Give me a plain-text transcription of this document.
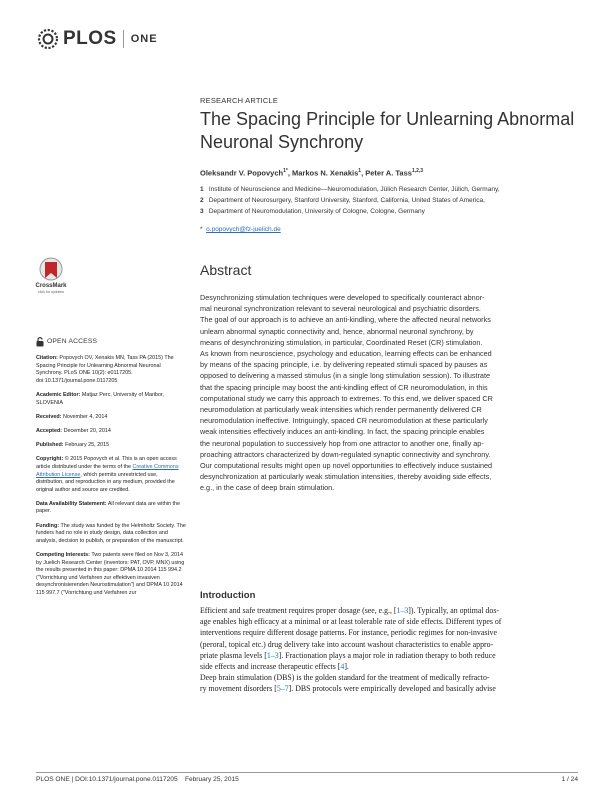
PLOS ONE
RESEARCH ARTICLE
The Spacing Principle for Unlearning Abnormal Neuronal Synchrony
Oleksandr V. Popovych$^{1*}$, Markos N. Xenakis$^1$, Peter A. Tass$^{1,2,3}$
1 Institute of Neuroscience and Medicine—Neuromodulation, Jülich Research Center, Jülich, Germany,
2 Department of Neurosurgery, Stanford University, Stanford, California, United States of America,
3 Department of Neuromodulation, University of Cologne, Cologne, Germany
* o.popovych@fz-juelich.de
CrossMark
click for updates
OPEN ACCESS

Citation: Popovych OV, Xenakis MN, Tass PA (2015) The Spacing Principle for Unlearning Abnormal Neuronal Synchrony. PLoS ONE 10(2): e0117205. doi:10.1371/journal.pone.0117205

Academic Editor: Matjaz Perc, University of Maribor, SLOVENIA

Received: November 4, 2014

Accepted: December 20, 2014

Published: February 25, 2015

Copyright: © 2015 Popovych et al. This is an open access article distributed under the terms of the Creative Commons Attribution License, which permits unrestricted use, distribution, and reproduction in any medium, provided the original author and source are credited.

Data Availability Statement: All relevant data are within the paper.

Funding: The study was funded by the Helmholtz Society. The funders had no role in study design, data collection and analysis, decision to publish, or preparation of the manuscript.

Competing Interests: Two patents were filed on Nov 3, 2014 by Juelich Research Center (inventors: PAT, OVP, MNX) using the results presented in this paper: DPMA 10 2014 115 994.2 ("Vorrichtung und Verfahren zur effektiven invasiven desynchronisierenden Neurostimulation") and DPMA 10 2014 115 997.7 ("Vorrichtung und Verfahren zur

Abstract
Desynchronizing stimulation techniques were developed to specifically counteract abnor-
mal neuronal synchronization relevant to several neurological and psychiatric disorders.
The goal of our approach is to achieve an anti-kindling, where the affected neural networks
unlearn abnormal synaptic connectivity and, hence, abnormal neuronal synchrony, by
means of desynchronizing stimulation, in particular, Coordinated Reset (CR) stimulation.
As known from neuroscience, psychology and education, learning effects can be enhanced
by means of the spacing principle, i.e. by delivering repeated stimuli spaced by pauses as
opposed to delivering a massed stimulus (in a single long stimulation session). To illustrate
that the spacing principle may boost the anti-kindling effect of CR neuromodulation, in this
computational study we carry this approach to extremes. To this end, we deliver spaced CR
neuromodulation at particularly weak intensities which render permanently delivered CR
neuromodulation ineffective. Intriguingly, spaced CR neuromodulation at these particularly
weak intensities effectively induces an anti-kindling. In fact, the spacing principle enables
the neuronal population to successively hop from one attractor to another one, finally ap-
proaching attractors characterized by down-regulated synaptic connectivity and synchrony.
Our computational results might open up novel opportunities to effectively induce sustained
desynchronization at particularly weak stimulation intensities, thereby avoiding side effects,
e.g., in the case of deep brain stimulation.
Introduction

Efficient and safe treatment requires proper dosage (see, e.g., [1–3]). Typically, an optimal dos-
age enables high efficacy at a minimal or at least tolerable rate of side effects. Different types of
interventions require different dosage patterns. For instance, periodic regimes for non-invasive
(peroral, topical etc.) drug delivery take into account washout characteristics to enable appro-
priate plasma levels [1–3]. Fractionation plays a major role in radiation therapy to both reduce
side effects and increase therapeutic effects [4].

Deep brain stimulation (DBS) is the golden standard for the treatment of medically refracto-
ry movement disorders [5–7]. DBS protocols were empirically developed and basically advise

PLOS ONE | DOI:10.1371/journal.pone.0117205    February 25, 2015	1 / 24
